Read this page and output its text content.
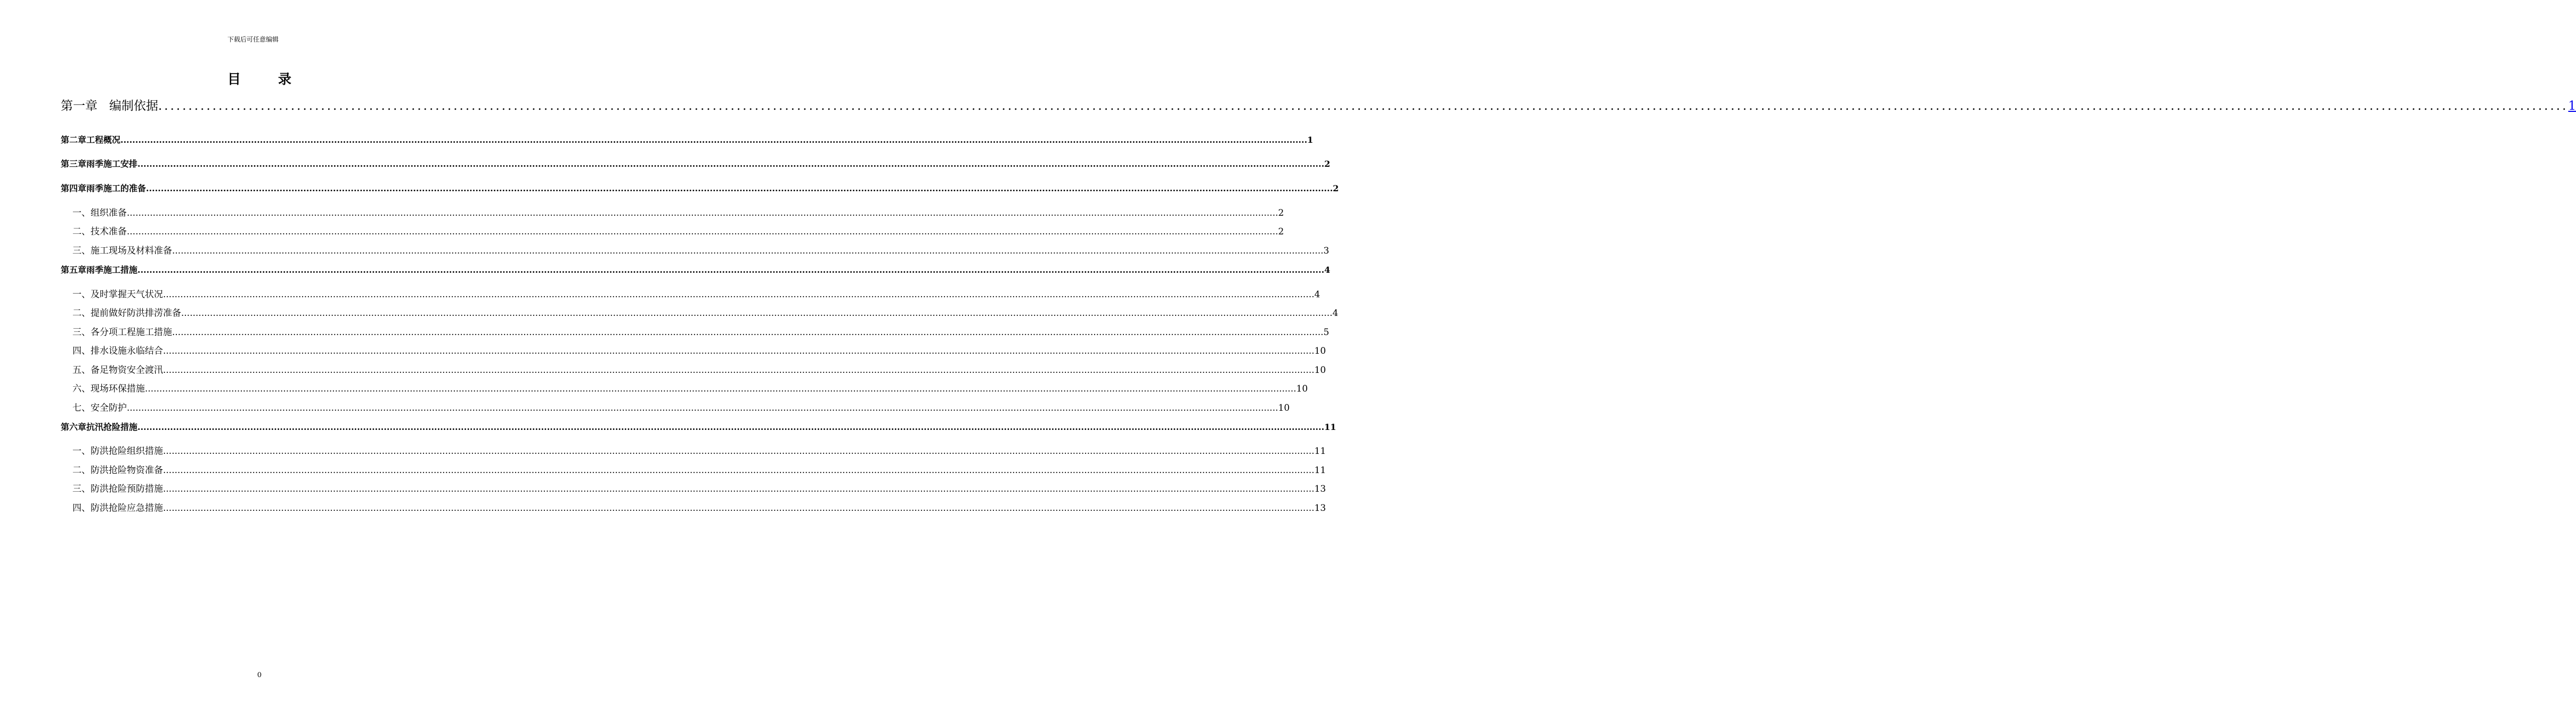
下载后可任意编辑
目	录
第一章 编制依据 ................................................................................................................................................................................................................................................................................................................................................................................................................ 1
第二章工程概况 ................................................................................................................................................................................................................................................................................................................................................................................................................ 1
第三章雨季施工安排 ................................................................................................................................................................................................................................................................................................................................................................................................................ 2
第四章雨季施工的准备 ................................................................................................................................................................................................................................................................................................................................................................................................................ 2
一、组织准备 ................................................................................................................................................................................................................................................................................................................................................................................................................ 2
二、技术准备 ................................................................................................................................................................................................................................................................................................................................................................................................................ 2
三、施工现场及材料准备 ................................................................................................................................................................................................................................................................................................................................................................................................................ 3
第五章雨季施工措施 ................................................................................................................................................................................................................................................................................................................................................................................................................ 4
一、及时掌握天气状况 ................................................................................................................................................................................................................................................................................................................................................................................................................ 4
二、提前做好防洪排涝准备 ................................................................................................................................................................................................................................................................................................................................................................................................................ 4
三、各分项工程施工措施 ................................................................................................................................................................................................................................................................................................................................................................................................................ 5
四、排水设施永临结合 ................................................................................................................................................................................................................................................................................................................................................................................................................ 10
五、备足物资安全渡汛 ................................................................................................................................................................................................................................................................................................................................................................................................................ 10
六、现场环保措施 ................................................................................................................................................................................................................................................................................................................................................................................................................ 10
七、安全防护 ................................................................................................................................................................................................................................................................................................................................................................................................................ 10
第六章抗汛抢险措施 ................................................................................................................................................................................................................................................................................................................................................................................................................ 11
一、防洪抢险组织措施 ................................................................................................................................................................................................................................................................................................................................................................................................................ 11
二、防洪抢险物资准备 ................................................................................................................................................................................................................................................................................................................................................................................................................ 11
三、防洪抢险预防措施 ................................................................................................................................................................................................................................................................................................................................................................................................................ 13
四、防洪抢险应急措施 ................................................................................................................................................................................................................................................................................................................................................................................................................ 13
0
